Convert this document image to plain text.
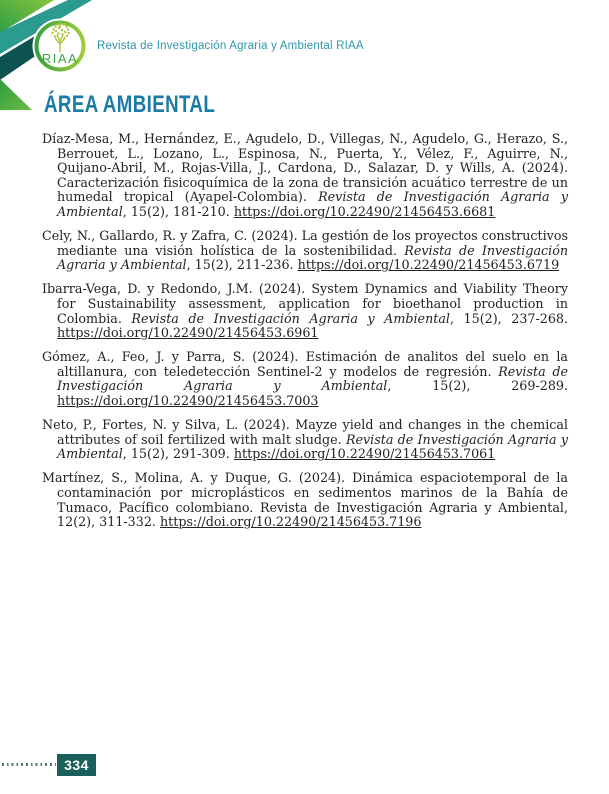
RIAA
Revista de Investigación Agraria y Ambiental RIAA
ÁREA AMBIENTAL

Díaz-Mesa, M., Hernández, E., Agudelo, D., Villegas, N., Agudelo, G., Herazo, S., Berrouet, L., Lozano, L., Espinosa, N., Puerta, Y., Vélez, F., Aguirre, N., Quijano-Abril, M., Rojas-Villa, J., Cardona, D., Salazar, D. y Wills, A. (2024). Caracterización fisicoquímica de la zona de transición acuático terrestre de un humedal tropical (Ayapel-Colombia). Revista de Investigación Agraria y Ambiental, 15(2), 181-210. https://doi.org/10.22490/21456453.6681

Cely, N., Gallardo, R. y Zafra, C. (2024). La gestión de los proyectos constructivos mediante una visión holística de la sostenibilidad. Revista de Investigación Agraria y Ambiental, 15(2), 211-236. https://doi.org/10.22490/21456453.6719

Ibarra-Vega, D. y Redondo, J.M. (2024). System Dynamics and Viability Theory for Sustainability assessment, application for bioethanol production in Colombia. Revista de Investigación Agraria y Ambiental, 15(2), 237-268. https://doi.org/10.22490/21456453.6961

Gómez, A., Feo, J. y Parra, S. (2024). Estimación de analitos del suelo en la altillanura, con teledetección Sentinel-2 y modelos de regresión. Revista de Investigación Agraria y Ambiental, 15(2), 269-289. https://doi.org/10.22490/21456453.7003

Neto, P., Fortes, N. y Silva, L. (2024). Mayze yield and changes in the chemical attributes of soil fertilized with malt sludge. Revista de Investigación Agraria y Ambiental, 15(2), 291-309. https://doi.org/10.22490/21456453.7061

Martínez, S., Molina, A. y Duque, G. (2024). Dinámica espaciotemporal de la contaminación por microplásticos en sedimentos marinos de la Bahía de Tumaco, Pacífico colombiano. Revista de Investigación Agraria y Ambiental, 12(2), 311-332. https://doi.org/10.22490/21456453.7196

334
